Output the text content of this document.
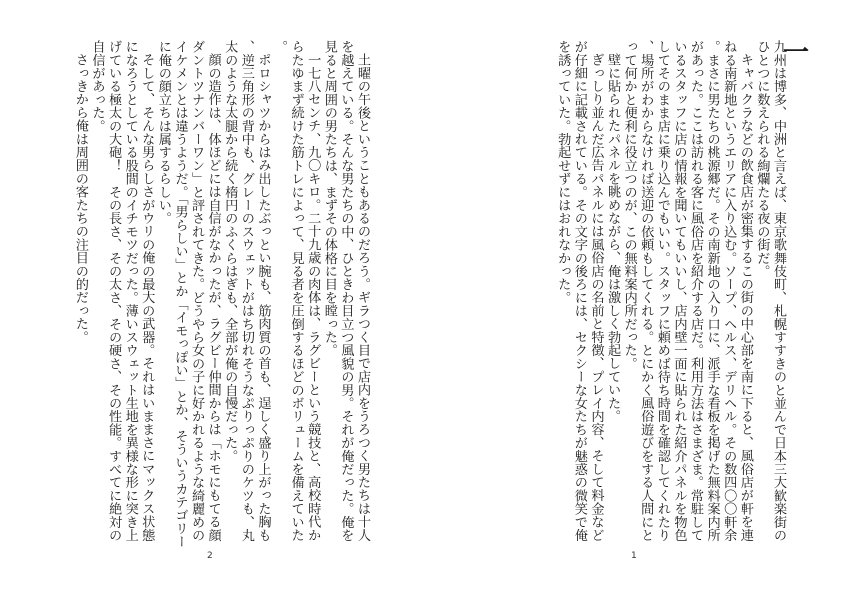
土曜の午後ということもあるのだろう。ギラつく目で店内をうろつく男たちは十人を越えている。そんな男たちの中、ひときわ目立つ風貌の男。それが俺だった。俺を見ると周囲の男たちは、まずその体格に目を瞠った。

一七八センチ、九〇キロ。二十九歳の肉体は、ラグビーという競技と、高校時代からたゆまず続けた筋トレによって、見る者を圧倒するほどのボリュームを備えていた。

ポロシャツからはみ出したぶっとい腕も、筋肉質の首も、逞しく盛り上がった胸も、逆三角形の背中も、グレーのスウェットがはち切れそうなぷりっぷりのケツも、丸太のような太腿から続く楕円のふくらはぎも、全部が俺の自慢だった。

顔の造作は、体ほどには自信がなかったが、ラグビー仲間からは「ホモにもてる顔ダントツナンバーワン」と評されてきた。どうやら女の子に好かれるような綺麗めのイケメンとは違うようだ。「男らしい」とか「イモっぽい」とか、そういうカテゴリーに俺の顔立ちは属するらしい。

そして、そんな男らしさがウリの俺の最大の武器。それはいままさにマックス状態になろうとしている股間のイチモツだった。薄いスウェット生地を異様な形に突き上げている極太の大砲！　その長さ、その太さ、その硬さ、その性能。すべてに絶対の自信があった。

さっきから俺は周囲の客たちの注目の的だった。

2
一

九州は博多、中洲と言えば、東京歌舞伎町、札幌すすきのと並んで日本三大歓楽街のひとつに数えられる絢爛たる夜の街だ。

キャバクラなどの飲食店が密集するこの街の中心部を南に下ると、風俗店が軒を連ねる南新地というエリアに入り込む。ソープ、ヘルス、デリヘル。その数四〇〇軒余。まさに男たちの桃源郷だ。その南新地の入り口に、派手な看板を掲げた無料案内所があった。ここは訪れる客に風俗店を紹介する店だ。利用方法はさまざま。常駐しているスタッフに店の情報を聞いてもいいし、店内壁一面に貼られた紹介パネルを物色してそのまま店に乗り込んでもいい。スタッフに頼めば待ち時間を確認してくれたり、場所がわからなければ送迎の依頼もしてくれる。とにかく風俗遊びをする人間にとって何かと便利に役立つのが、この無料案内所だった。

壁に貼られたパネルを眺めながら、俺は激しく勃起していた。

ぎっしり並んだ広告パネルには風俗店の名前と特徴、プレイ内容、そして料金などが仔細に記載されている。その文字の後ろには、セクシーな女たちが魅惑の微笑で俺を誘っていた。勃起せずにはおれなかった。

1
